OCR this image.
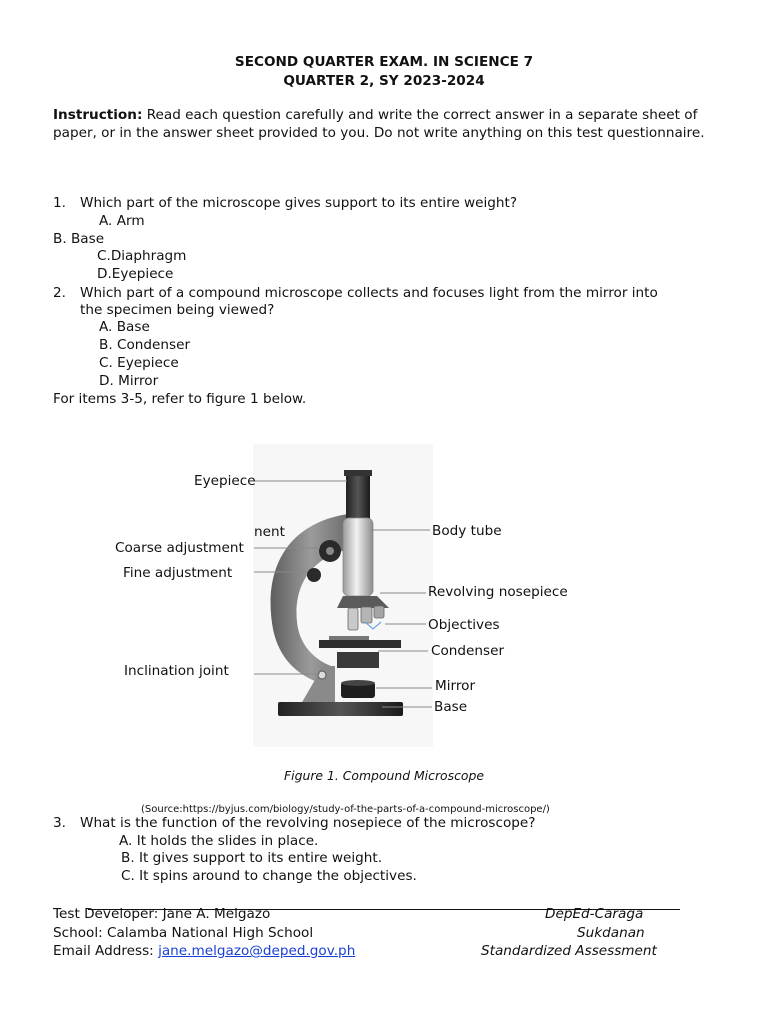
SECOND QUARTER EXAM. IN SCIENCE 7
QUARTER 2, SY 2023-2024
Instruction: Read each question carefully and write the correct answer in a separate sheet of paper, or in the answer sheet provided to you. Do not write anything on this test questionnaire.
1. Which part of the microscope gives support to its entire weight?
A. Arm
B. Base
C.Diaphragm
D.Eyepiece
2. Which part of a compound microscope collects and focuses light from the mirror into
the specimen being viewed?
A. Base
B. Condenser
C. Eyepiece
D. Mirror
For items 3-5, refer to figure 1 below.
Eyepiece
nent
Coarse adjustment
Fine adjustment
Inclination joint
Body tube
Revolving nosepiece
Objectives
Condenser
Mirror
Base
Figure 1. Compound Microscope
(Source:https://byjus.com/biology/study-of-the-parts-of-a-compound-microscope/)
3. What is the function of the revolving nosepiece of the microscope?
A. It holds the slides in place.
B. It gives support to its entire weight.
C. It spins around to change the objectives.
Test Developer: Jane A. Melgazo
School: Calamba National High School
Email Address: jane.melgazo@deped.gov.ph
DepEd-Caraga
Sukdanan
Standardized Assessment
